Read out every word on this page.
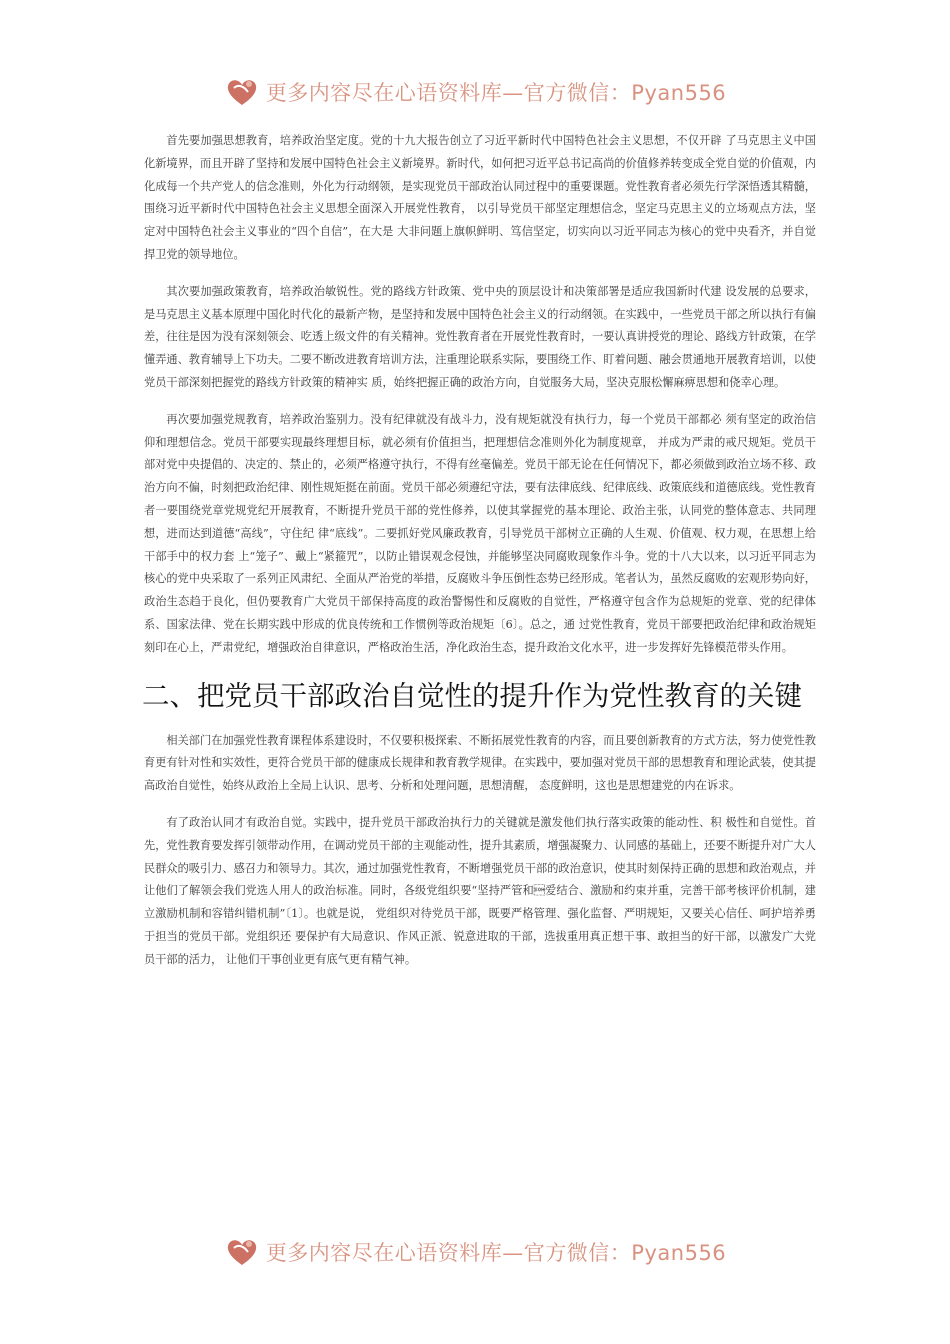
更多内容尽在心语资料库—官方微信：Pyan556

首先要加强思想教育，培养政治坚定度。党的十九大报告创立了习近平新时代中国特色社会主义思想，不仅开辟 了马克思主义中国化新境界，而且开辟了坚持和发展中国特色社会主义新境界。新时代，如何把习近平总书记高尚的价值修养转变成全党自觉的价值观，内化成每一个共产党人的信念准则，外化为行动纲领，是实现党员干部政治认同过程中的重要课题。党性教育者必须先行学深悟透其精髓，围绕习近平新时代中国特色社会主义思想全面深入开展党性教育， 以引导党员干部坚定理想信念，坚定马克思主义的立场观点方法，坚定对中国特色社会主义事业的“四个自信”，在大是 大非问题上旗帜鲜明、笃信坚定，切实向以习近平同志为核心的党中央看齐，并自觉捍卫党的领导地位。

其次要加强政策教育，培养政治敏锐性。党的路线方针政策、党中央的顶层设计和决策部署是适应我国新时代建 设发展的总要求，是马克思主义基本原理中国化时代化的最新产物，是坚持和发展中国特色社会主义的行动纲领。在实践中，一些党员干部之所以执行有偏差，往往是因为没有深刻领会、吃透上级文件的有关精神。党性教育者在开展党性教育时，一要认真讲授党的理论、路线方针政策，在学懂弄通、教育辅导上下功夫。二要不断改进教育培训方法，注重理论联系实际，要围绕工作、盯着问题、融会贯通地开展教育培训，以使党员干部深刻把握党的路线方针政策的精神实 质，始终把握正确的政治方向，自觉服务大局，坚决克服松懈麻痹思想和侥幸心理。

再次要加强党规教育，培养政治鉴别力。没有纪律就没有战斗力，没有规矩就没有执行力，每一个党员干部都必 须有坚定的政治信仰和理想信念。党员干部要实现最终理想目标，就必须有价值担当，把理想信念准则外化为制度规章， 并成为严肃的戒尺规矩。党员干部对党中央提倡的、决定的、禁止的，必须严格遵守执行，不得有丝毫偏差。党员干部无论在任何情况下，都必须做到政治立场不移、政治方向不偏，时刻把政治纪律、刚性规矩挺在前面。党员干部必须遵纪守法，要有法律底线、纪律底线、政策底线和道德底线。党性教育者一要围绕党章党规党纪开展教育，不断提升党员干部的党性修养，以使其掌握党的基本理论、政治主张，认同党的整体意志、共同理想，进而达到道德“高线”，守住纪 律“底线”。二要抓好党风廉政教育，引导党员干部树立正确的人生观、价值观、权力观，在思想上给干部手中的权力套 上“笼子”、戴上“紧箍咒”，以防止错误观念侵蚀，并能够坚决同腐败现象作斗争。党的十八大以来，以习近平同志为核心的党中央采取了一系列正风肃纪、全面从严治党的举措，反腐败斗争压倒性态势已经形成。笔者认为，虽然反腐败的宏观形势向好，政治生态趋于良化，但仍要教育广大党员干部保持高度的政治警惕性和反腐败的自觉性，严格遵守包含作为总规矩的党章、党的纪律体系、国家法律、党在长期实践中形成的优良传统和工作惯例等政治规矩〔6〕。总之，通 过党性教育，党员干部要把政治纪律和政治规矩刻印在心上，严肃党纪，增强政治自律意识，严格政治生活，净化政治生态，提升政治文化水平，进一步发挥好先锋模范带头作用。

二、把党员干部政治自觉性的提升作为党性教育的关键

相关部门在加强党性教育课程体系建设时，不仅要积极探索、不断拓展党性教育的内容，而且要创新教育的方式方法，努力使党性教育更有针对性和实效性，更符合党员干部的健康成长规律和教育教学规律。在实践中，要加强对党员干部的思想教育和理论武装，使其提高政治自觉性，始终从政治上全局上认识、思考、分析和处理问题，思想清醒， 态度鲜明，这也是思想建党的内在诉求。

有了政治认同才有政治自觉。实践中，提升党员干部政治执行力的关键就是激发他们执行落实政策的能动性、积 极性和自觉性。首先，党性教育要发挥引领带动作用，在调动党员干部的主观能动性，提升其素质，增强凝聚力、认同感的基础上，还要不断提升对广大人民群众的吸引力、感召力和领导力。其次，通过加强党性教育，不断增强党员干部的政治意识，使其时刻保持正确的思想和政治观点，并让他们了解领会我们党选人用人的政治标准。同时，各级党组织要“坚持严管和爱结合、激励和约束并重，完善干部考核评价机制，建立激励机制和容错纠错机制”〔1〕。也就是说， 党组织对待党员干部，既要严格管理、强化监督、严明规矩，又要关心信任、呵护培养勇于担当的党员干部。党组织还 要保护有大局意识、作风正派、锐意进取的干部，选拔重用真正想干事、敢担当的好干部，以激发广大党员干部的活力， 让他们干事创业更有底气更有精气神。

更多内容尽在心语资料库—官方微信：Pyan556
